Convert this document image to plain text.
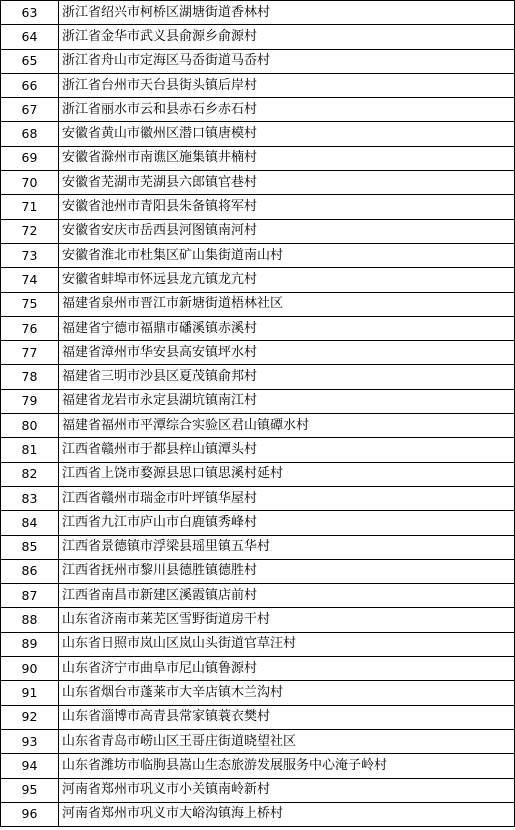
63	浙江省绍兴市柯桥区湖塘街道香林村
64	浙江省金华市武义县俞源乡俞源村
65	浙江省舟山市定海区马岙街道马岙村
66	浙江省台州市天台县街头镇后岸村
67	浙江省丽水市云和县赤石乡赤石村
68	安徽省黄山市徽州区潜口镇唐模村
69	安徽省滁州市南谯区施集镇井楠村
70	安徽省芜湖市芜湖县六郎镇官巷村
71	安徽省池州市青阳县朱备镇将军村
72	安徽省安庆市岳西县河图镇南河村
73	安徽省淮北市杜集区矿山集街道南山村
74	安徽省蚌埠市怀远县龙亢镇龙亢村
75	福建省泉州市晋江市新塘街道梧林社区
76	福建省宁德市福鼎市磻溪镇赤溪村
77	福建省漳州市华安县高安镇坪水村
78	福建省三明市沙县区夏茂镇俞邦村
79	福建省龙岩市永定县湖坑镇南江村
80	福建省福州市平潭综合实验区君山镇磹水村
81	江西省赣州市于都县梓山镇潭头村
82	江西省上饶市婺源县思口镇思溪村延村
83	江西省赣州市瑞金市叶坪镇华屋村
84	江西省九江市庐山市白鹿镇秀峰村
85	江西省景德镇市浮梁县瑶里镇五华村
86	江西省抚州市黎川县德胜镇德胜村
87	江西省南昌市新建区溪霞镇店前村
88	山东省济南市莱芜区雪野街道房干村
89	山东省日照市岚山区岚山头街道官草汪村
90	山东省济宁市曲阜市尼山镇鲁源村
91	山东省烟台市蓬莱市大辛店镇木兰沟村
92	山东省淄博市高青县常家镇蓑衣樊村
93	山东省青岛市崂山区王哥庄街道晓望社区
94	山东省潍坊市临朐县嵩山生态旅游发展服务中心淹子岭村
95	河南省郑州市巩义市小关镇南岭新村
96	河南省郑州市巩义市大峪沟镇海上桥村
